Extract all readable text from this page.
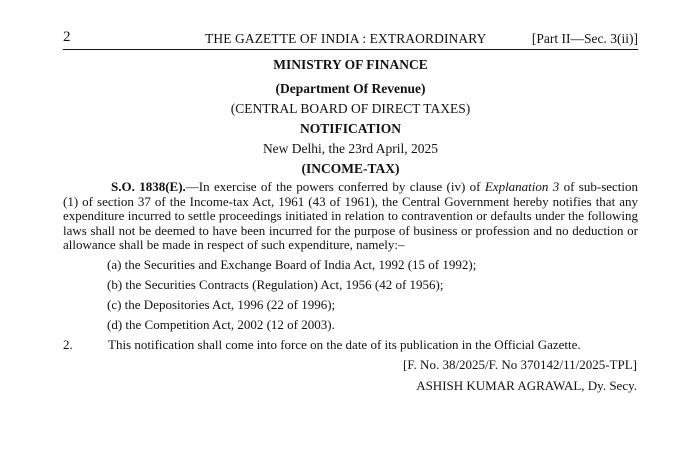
2	THE GAZETTE OF INDIA : EXTRAORDINARY	[Part II—Sec. 3(ii)]
MINISTRY OF FINANCE
(Department Of Revenue)
(CENTRAL BOARD OF DIRECT TAXES)
NOTIFICATION
New Delhi, the 23rd April, 2025
(INCOME-TAX)
S.O. 1838(E).—In exercise of the powers conferred by clause (iv) of Explanation 3 of sub-section (1) of section 37 of the Income-tax Act, 1961 (43 of 1961), the Central Government hereby notifies that any expenditure incurred to settle proceedings initiated in relation to contravention or defaults under the following laws shall not be deemed to have been incurred for the purpose of business or profession and no deduction or allowance shall be made in respect of such expenditure, namely:–
(a) the Securities and Exchange Board of India Act, 1992 (15 of 1992);
(b) the Securities Contracts (Regulation) Act, 1956 (42 of 1956);
(c) the Depositories Act, 1996 (22 of 1996);
(d) the Competition Act, 2002 (12 of 2003).
2.	This notification shall come into force on the date of its publication in the Official Gazette.
[F. No. 38/2025/F. No 370142/11/2025-TPL]
ASHISH KUMAR AGRAWAL, Dy. Secy.
